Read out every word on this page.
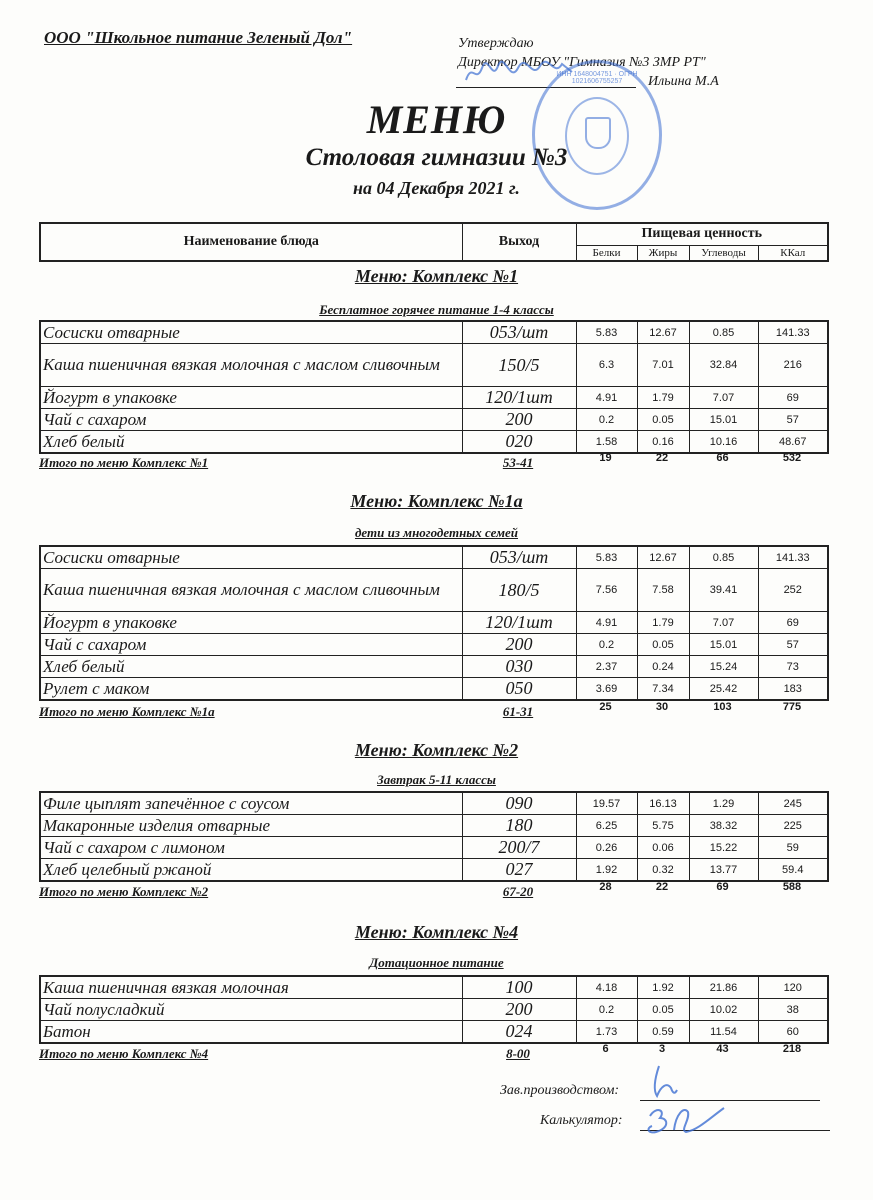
ООО "Школьное питание Зеленый Дол"	Утверждаю
Директор МБОУ "Гимназия №3 ЗМР РТ"
Ильина М.А
ИНН 1648004751 · ОГРН 1021606755257
МЕНЮ
Столовая гимназии №3
на 04 Декабря 2021 г.
Наименование блюда	Выход	Пищевая ценность			
		Белки	Жиры	Углеводы	ККал
Меню: Комплекс №1
Бесплатное горячее питание 1-4 классы
Сосиски отварные	053/шт	5.83	12.67	0.85	141.33
Каша пшеничная вязкая молочная с маслом сливочным	150/5	6.3	7.01	32.84	216
Йогурт в упаковке	120/1шт	4.91	1.79	7.07	69
Чай с сахаром	200	0.2	0.05	15.01	57
Хлеб белый	020	1.58	0.16	10.16	48.67
Итого по меню Комплекс №1	53-41	19	22	66	532
Меню: Комплекс №1а
дети из многодетных семей
Сосиски отварные	053/шт	5.83	12.67	0.85	141.33
Каша пшеничная вязкая молочная с маслом сливочным	180/5	7.56	7.58	39.41	252
Йогурт в упаковке	120/1шт	4.91	1.79	7.07	69
Чай с сахаром	200	0.2	0.05	15.01	57
Хлеб белый	030	2.37	0.24	15.24	73
Рулет с маком	050	3.69	7.34	25.42	183
Итого по меню Комплекс №1а	61-31	25	30	103	775
Меню: Комплекс №2
Завтрак 5-11 классы
Филе цыплят запечённое с соусом	090	19.57	16.13	1.29	245
Макаронные изделия отварные	180	6.25	5.75	38.32	225
Чай с сахаром с лимоном	200/7	0.26	0.06	15.22	59
Хлеб целебный ржаной	027	1.92	0.32	13.77	59.4
Итого по меню Комплекс №2	67-20	28	22	69	588
Меню: Комплекс №4
Дотационное питание
Каша пшеничная вязкая молочная	100	4.18	1.92	21.86	120
Чай полусладкий	200	0.2	0.05	10.02	38
Батон	024	1.73	0.59	11.54	60
Итого по меню Комплекс №4	8-00	6	3	43	218
Зав.производством:
Калькулятор:
